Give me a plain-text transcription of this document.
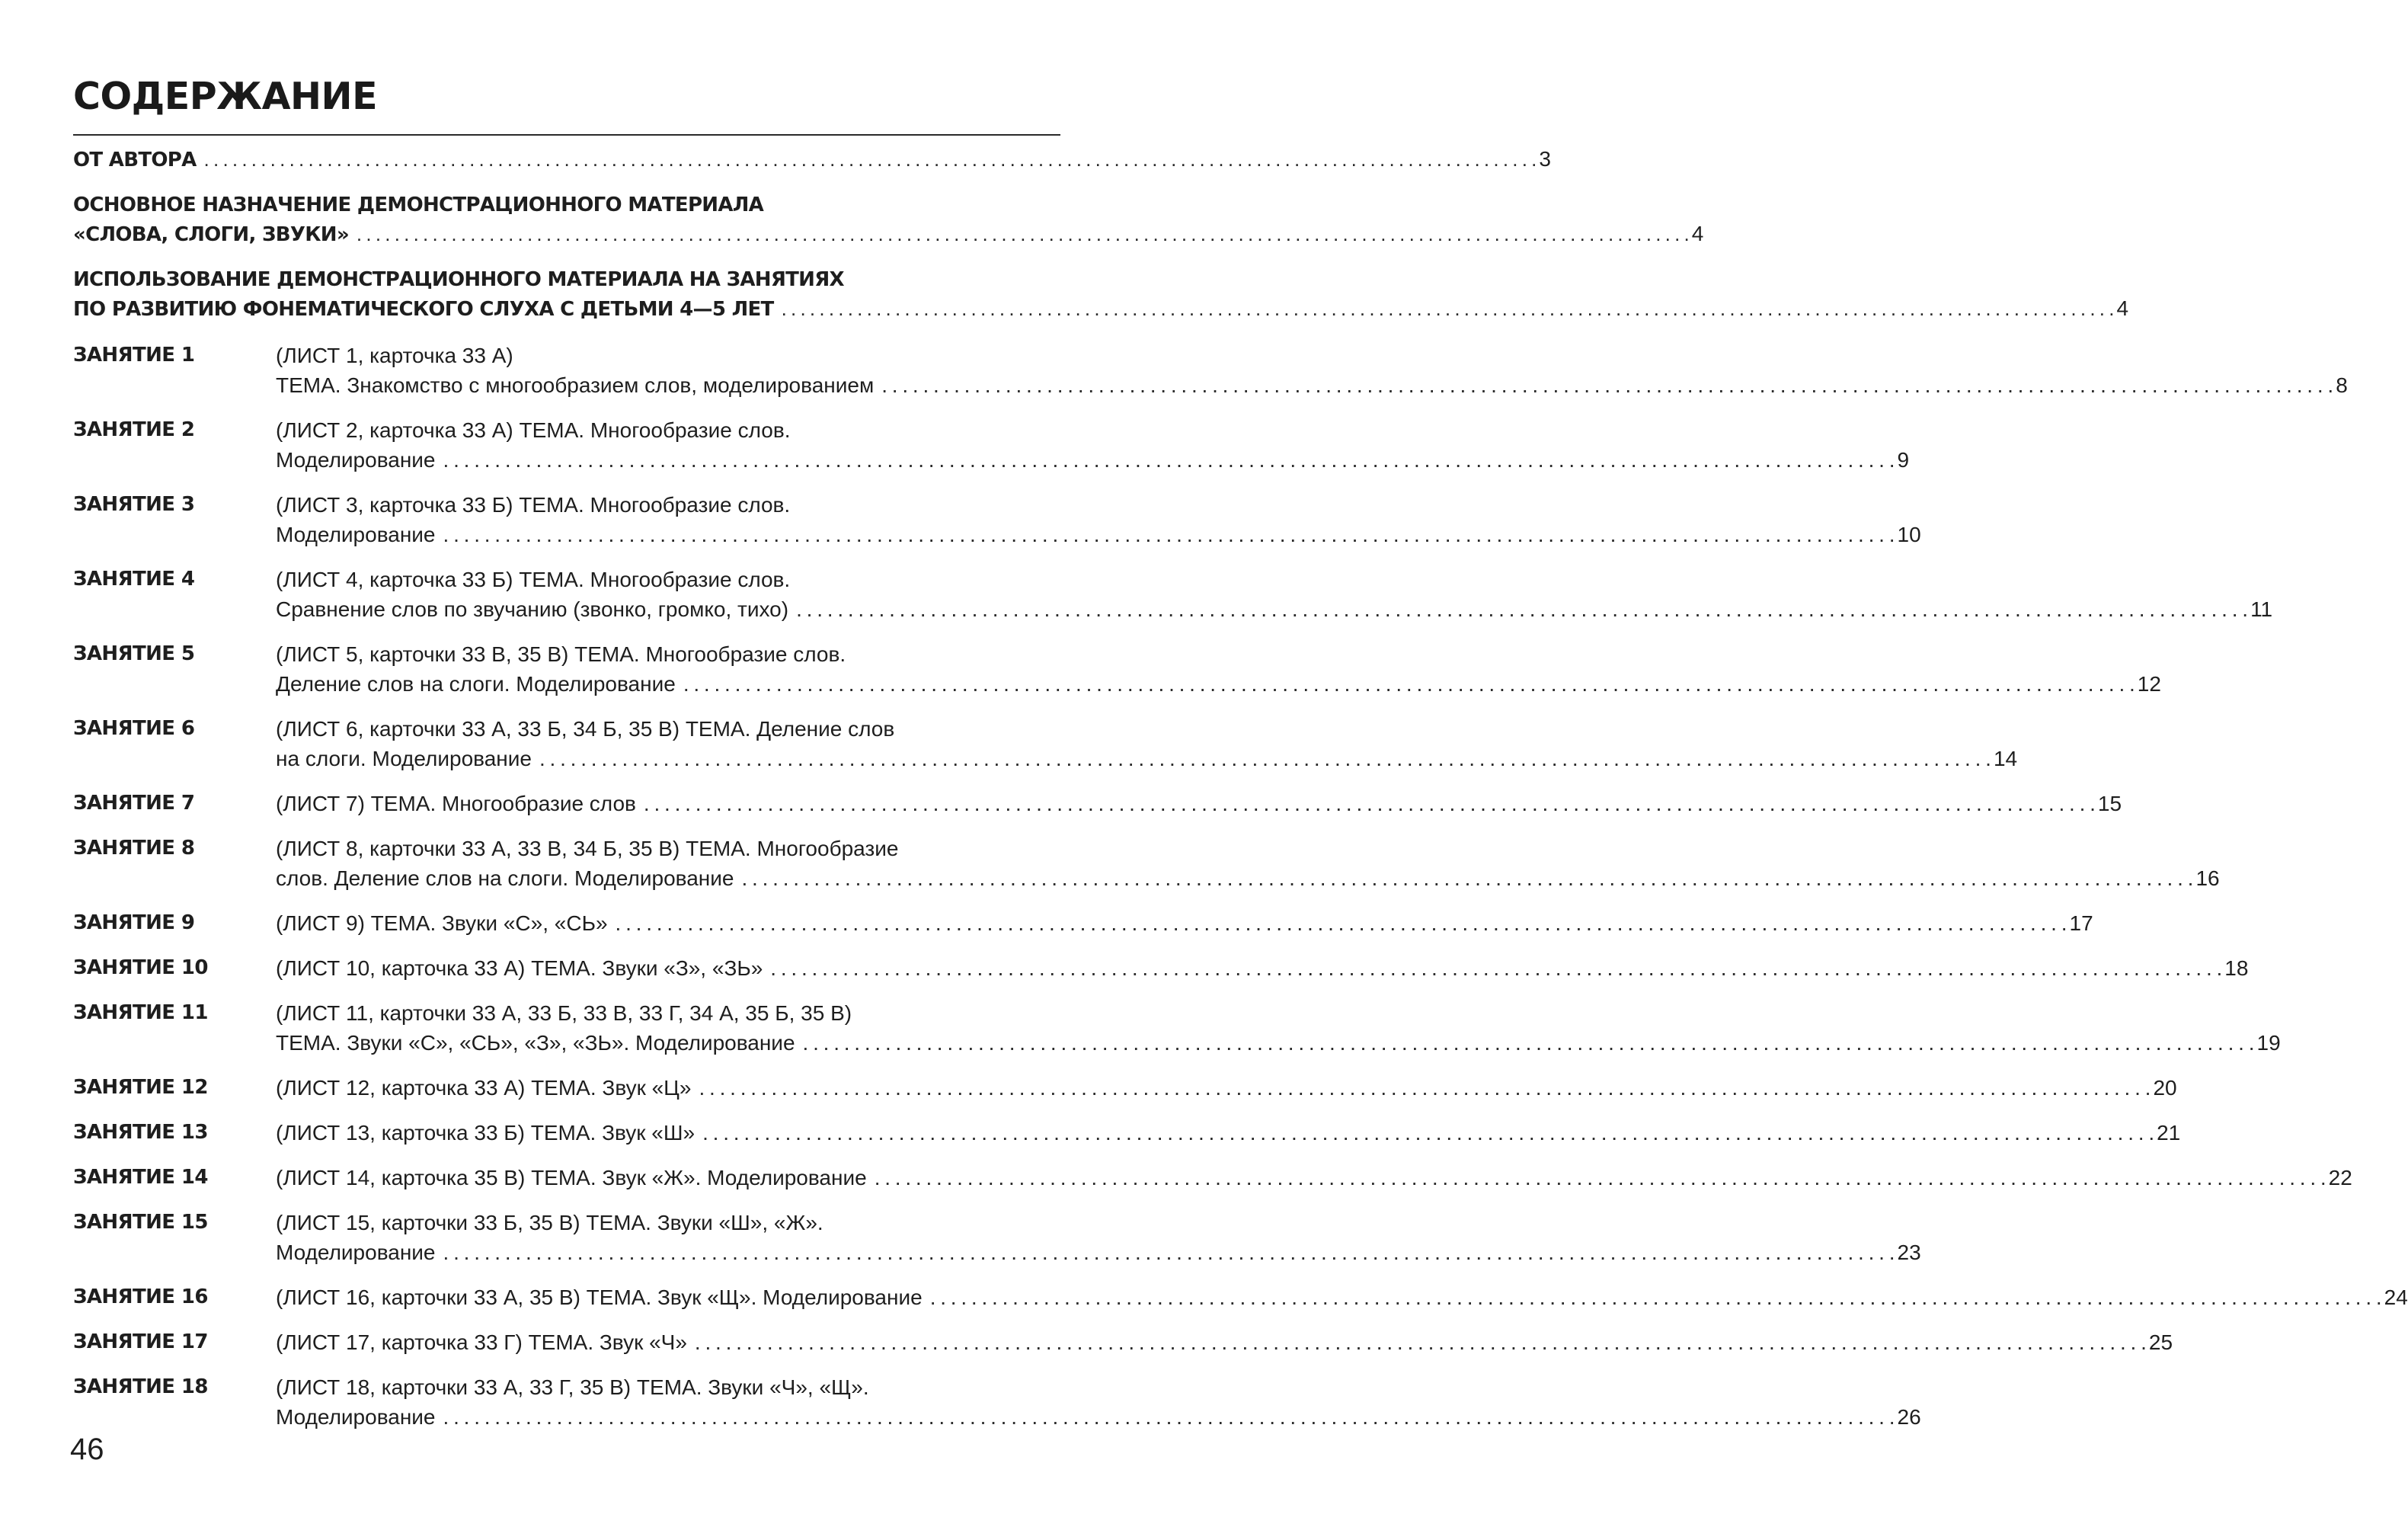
СОДЕРЖАНИЕ
ОТ АВТОРА . . .	3
ОСНОВНОЕ НАЗНАЧЕНИЕ ДЕМОНСТРАЦИОННОГО МАТЕРИАЛА
«СЛОВА, СЛОГИ, ЗВУКИ» . . .	4
ИСПОЛЬЗОВАНИЕ ДЕМОНСТРАЦИОННОГО МАТЕРИАЛА НА ЗАНЯТИЯХ
ПО РАЗВИТИЮ ФОНЕМАТИЧЕСКОГО СЛУХА С ДЕТЬМИ 4—5 ЛЕТ . . .	4
ЗАНЯТИЕ 1	(ЛИСТ 1, карточка 33 А)
ТЕМА. Знакомство с многообразием слов, моделированием . . .	8
ЗАНЯТИЕ 2	(ЛИСТ 2, карточка 33 А) ТЕМА. Многообразие слов.
Моделирование . . .	9
ЗАНЯТИЕ 3	(ЛИСТ 3, карточка 33 Б) ТЕМА. Многообразие слов.
Моделирование . . .	10
ЗАНЯТИЕ 4	(ЛИСТ 4, карточка 33 Б) ТЕМА. Многообразие слов.
Сравнение слов по звучанию (звонко, громко, тихо) . . .	11
ЗАНЯТИЕ 5	(ЛИСТ 5, карточки 33 В, 35 В) ТЕМА. Многообразие слов.
Деление слов на слоги. Моделирование . . .	12
ЗАНЯТИЕ 6	(ЛИСТ 6, карточки 33 А, 33 Б, 34 Б, 35 В) ТЕМА. Деление слов
на слоги. Моделирование . . .	14
ЗАНЯТИЕ 7	(ЛИСТ 7) ТЕМА. Многообразие слов . . .	15
ЗАНЯТИЕ 8	(ЛИСТ 8, карточки 33 А, 33 В, 34 Б, 35 В) ТЕМА. Многообразие
слов. Деление слов на слоги. Моделирование . . .	16
ЗАНЯТИЕ 9	(ЛИСТ 9) ТЕМА. Звуки «С», «СЬ» . . .	17
ЗАНЯТИЕ 10	(ЛИСТ 10, карточка 33 А) ТЕМА. Звуки «З», «ЗЬ» . . .	18
ЗАНЯТИЕ 11	(ЛИСТ 11, карточки 33 А, 33 Б, 33 В, 33 Г, 34 А, 35 Б, 35 В)
ТЕМА. Звуки «С», «СЬ», «З», «ЗЬ». Моделирование . . .	19
ЗАНЯТИЕ 12	(ЛИСТ 12, карточка 33 А) ТЕМА. Звук «Ц» . . .	20
ЗАНЯТИЕ 13	(ЛИСТ 13, карточка 33 Б) ТЕМА. Звук «Ш» . . .	21
ЗАНЯТИЕ 14	(ЛИСТ 14, карточка 35 В) ТЕМА. Звук «Ж». Моделирование . . .	22
ЗАНЯТИЕ 15	(ЛИСТ 15, карточки 33 Б, 35 В) ТЕМА. Звуки «Ш», «Ж».
Моделирование . . .	23
ЗАНЯТИЕ 16	(ЛИСТ 16, карточки 33 А, 35 В) ТЕМА. Звук «Щ». Моделирование . . .	24
ЗАНЯТИЕ 17	(ЛИСТ 17, карточка 33 Г) ТЕМА. Звук «Ч» . . .	25
ЗАНЯТИЕ 18	(ЛИСТ 18, карточки 33 А, 33 Г, 35 В) ТЕМА. Звуки «Ч», «Щ».
Моделирование . . .	26
46
